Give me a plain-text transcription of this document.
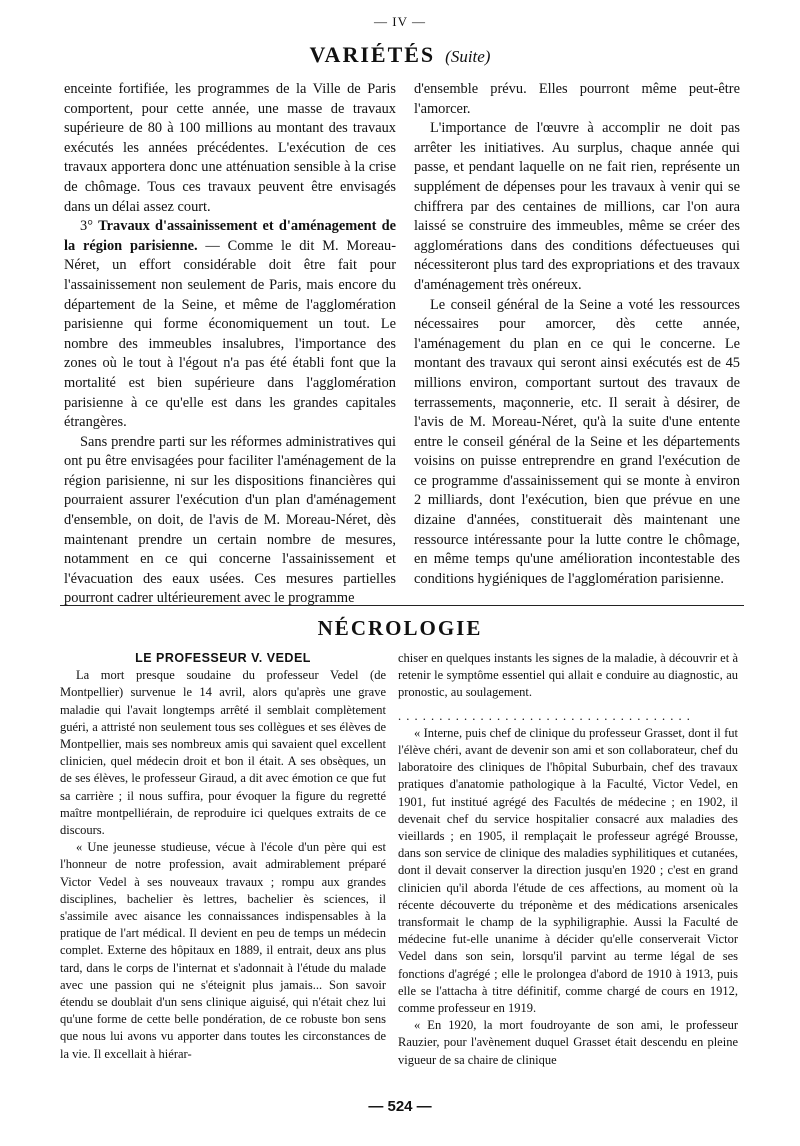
— IV —
VARIÉTÉS (Suite)

enceinte fortifiée, les programmes de la Ville de Paris comportent, pour cette année, une masse de travaux supérieure de 80 à 100 millions au montant des travaux exécutés les années précédentes. L'exécution de ces travaux apportera donc une atténuation sensible à la crise de chômage. Tous ces travaux peuvent être envisagés dans un délai assez court.

3° Travaux d'assainissement et d'aménagement de la région parisienne. — Comme le dit M. Moreau-Néret, un effort considérable doit être fait pour l'assainissement non seulement de Paris, mais encore du département de la Seine, et même de l'agglomération parisienne qui forme économiquement un tout. Le nombre des immeubles insalubres, l'importance des zones où le tout à l'égout n'a pas été établi font que la mortalité est bien supérieure dans l'agglomération parisienne à ce qu'elle est dans les grandes capitales étrangères.

Sans prendre parti sur les réformes administratives qui ont pu être envisagées pour faciliter l'aménagement de la région parisienne, ni sur les dispositions financières qui pourraient assurer l'exécution d'un plan d'aménagement d'ensemble, on doit, de l'avis de M. Moreau-Néret, dès maintenant prendre un certain nombre de mesures, notamment en ce qui concerne l'assainissement et l'évacuation des eaux usées. Ces mesures partielles pourront cadrer ultérieurement avec le programme

d'ensemble prévu. Elles pourront même peut-être l'amorcer.

L'importance de l'œuvre à accomplir ne doit pas arrêter les initiatives. Au surplus, chaque année qui passe, et pendant laquelle on ne fait rien, représente un supplément de dépenses pour les travaux à venir qui se chiffrera par des centaines de millions, car l'on aura laissé se construire des immeubles, même se créer des agglomérations dans des conditions défectueuses qui nécessiteront plus tard des expropriations et des travaux d'aménagement très onéreux.

Le conseil général de la Seine a voté les ressources nécessaires pour amorcer, dès cette année, l'aménagement du plan en ce qui le concerne. Le montant des travaux qui seront ainsi exécutés est de 45 millions environ, comportant surtout des travaux de terrassements, maçonnerie, etc. Il serait à désirer, de l'avis de M. Moreau-Néret, qu'à la suite d'une entente entre le conseil général de la Seine et les départements voisins on puisse entreprendre en grand l'exécution de ce programme d'assainissement qui se monte à environ 2 milliards, dont l'exécution, bien que prévue en une dizaine d'années, constituerait dès maintenant une ressource intéressante pour la lutte contre le chômage, en même temps qu'une amélioration incontestable des conditions hygiéniques de l'agglomération parisienne.

NÉCROLOGIE

LE PROFESSEUR V. VEDEL

La mort presque soudaine du professeur Vedel (de Montpellier) survenue le 14 avril, alors qu'après une grave maladie qui l'avait longtemps arrêté il semblait complètement guéri, a attristé non seulement tous ses collègues et ses élèves de Montpellier, mais ses nombreux amis qui savaient quel excellent clinicien, quel médecin droit et bon il était. A ses obsèques, un de ses élèves, le professeur Giraud, a dit avec émotion ce que fut sa carrière ; il nous suffira, pour évoquer la figure du regretté maître montpelliérain, de reproduire ici quelques extraits de ce discours.

« Une jeunesse studieuse, vécue à l'école d'un père qui est l'honneur de notre profession, avait admirablement préparé Victor Vedel à ses nouveaux travaux ; rompu aux grandes disciplines, bachelier ès lettres, bachelier ès sciences, il s'assimile avec aisance les connaissances indispensables à la pratique de l'art médical. Il devient en peu de temps un médecin complet. Externe des hôpitaux en 1889, il entrait, deux ans plus tard, dans le corps de l'internat et s'adonnait à l'étude du malade avec une passion qui ne s'éteignit plus jamais... Son savoir étendu se doublait d'un sens clinique aiguisé, qui n'était chez lui qu'une forme de cette belle pondération, de ce robuste bon sens que nous lui avons vu apporter dans toutes les circonstances de la vie. Il excellait à hiérar-

chiser en quelques instants les signes de la maladie, à découvrir et à retenir le symptôme essentiel qui allait e conduire au diagnostic, au pronostic, au soulagement.

. . . . . . . . . . . . . . . . . . . . . . . . . . . . . . . . . . . .

« Interne, puis chef de clinique du professeur Grasset, dont il fut l'élève chéri, avant de devenir son ami et son collaborateur, chef du laboratoire des cliniques de l'hôpital Suburbain, chef des travaux pratiques d'anatomie pathologique à la Faculté, Victor Vedel, en 1901, fut institué agrégé des Facultés de médecine ; en 1902, il devenait chef du service hospitalier consacré aux maladies des vieillards ; en 1905, il remplaçait le professeur agrégé Brousse, dans son service de clinique des maladies syphilitiques et cutanées, dont il devait conserver la direction jusqu'en 1920 ; c'est en grand clinicien qu'il aborda l'étude de ces affections, au moment où la récente découverte du tréponème et des médications arsenicales transformait le champ de la syphiligraphie. Aussi la Faculté de médecine fut-elle unanime à décider qu'elle conserverait Victor Vedel dans son sein, lorsqu'il parvint au terme légal de ses fonctions d'agrégé ; elle le prolongea d'abord de 1910 à 1913, puis elle se l'attacha à titre définitif, comme chargé de cours en 1912, comme professeur en 1919.

« En 1920, la mort foudroyante de son ami, le professeur Rauzier, pour l'avènement duquel Grasset était descendu en pleine vigueur de sa chaire de clinique

— 524 —
